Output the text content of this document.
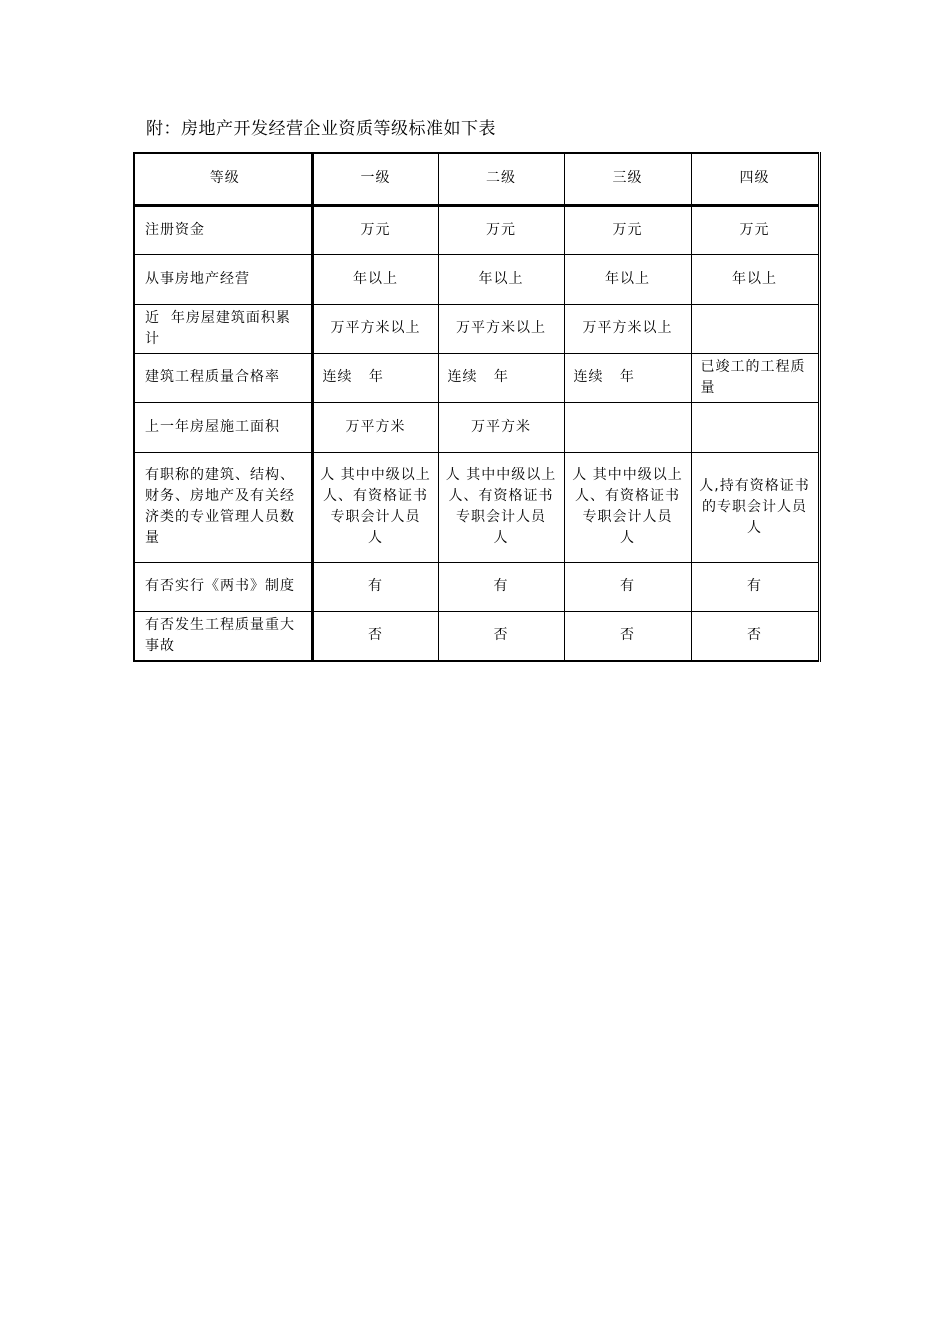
附：房地产开发经营企业资质等级标准如下表
等级	一级	二级	三级	四级
注册资金	万元	万元	万元	万元
从事房地产经营	年以上	年以上	年以上	年以上
近  年房屋建筑面积累计	万平方米以上	万平方米以上	万平方米以上	
建筑工程质量合格率	连续   年	连续   年	连续   年	已竣工的工程质量
上一年房屋施工面积	万平方米	万平方米		
有职称的建筑、结构、财务、房地产及有关经济类的专业管理人员数量	人 其中中级以上   人、有资格证书专职会计人员   人	人 其中中级以上   人、有资格证书专职会计人员   人	人 其中中级以上   人、有资格证书专职会计人员   人	人,持有资格证书的专职会计人员   人
有否实行《两书》制度	有	有	有	有
有否发生工程质量重大事故	否	否	否	否
